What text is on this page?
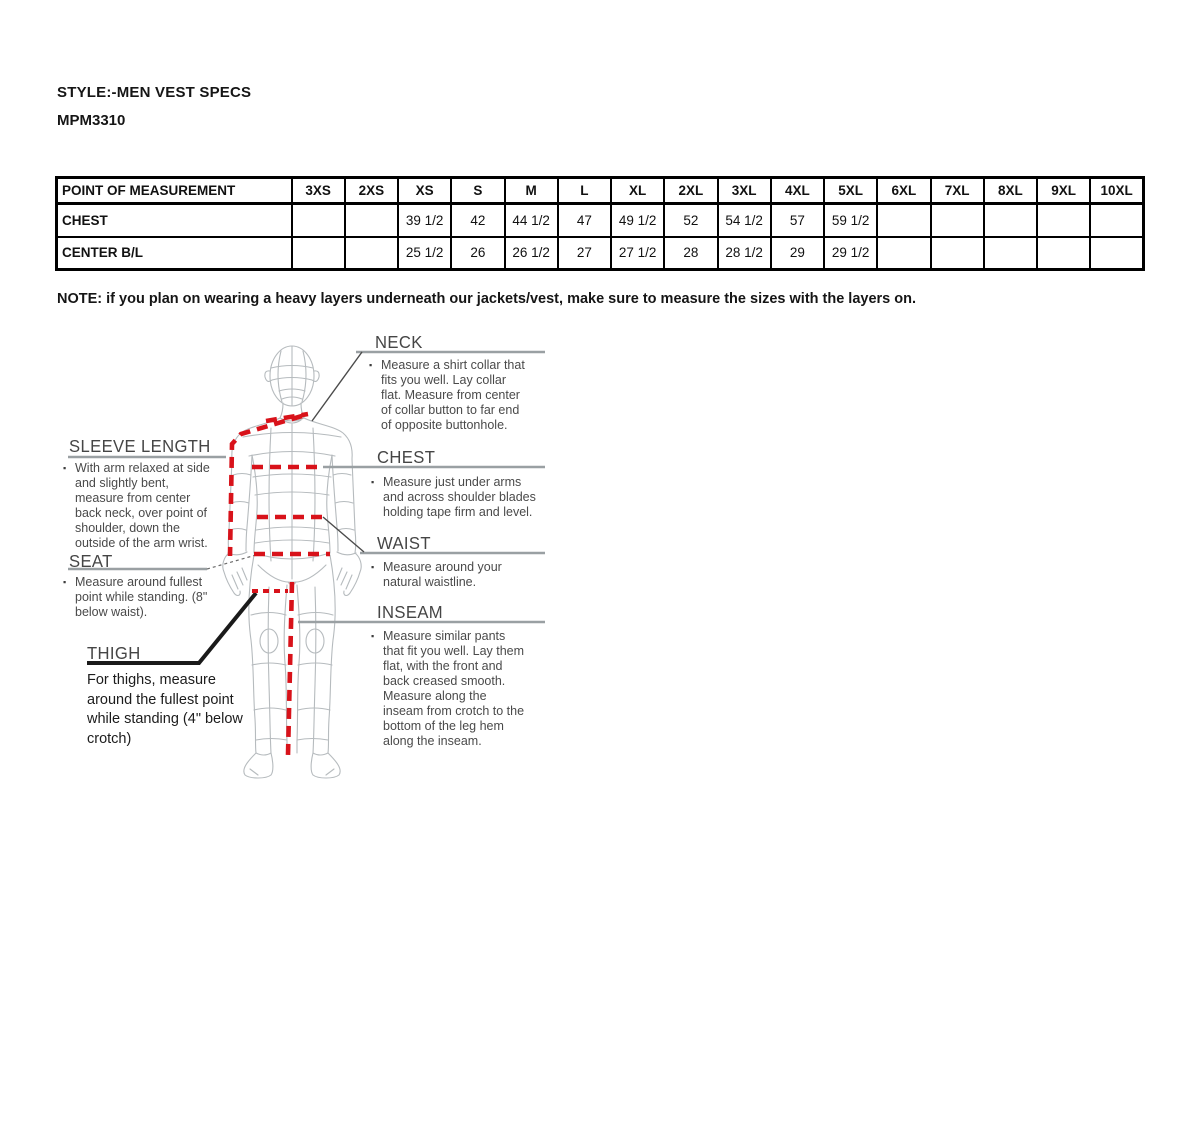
STYLE:-MEN VEST SPECS
MPM3310
POINT OF MEASUREMENT	3XS	2XS	XS	S	M	L	XL	2XL	3XL	4XL	5XL	6XL	7XL	8XL	9XL	10XL
CHEST			39 1/2	42	44 1/2	47	49 1/2	52	54 1/2	57	59 1/2					
CENTER B/L			25 1/2	26	26 1/2	27	27 1/2	28	28 1/2	29	29 1/2					
NOTE: if you plan on wearing a heavy layers underneath our jackets/vest, make sure to measure the sizes with the layers on.
SLEEVE LENGTH
▪ With arm relaxed at side and slightly bent, measure from center back neck, over point of shoulder, down the outside of the arm wrist.
SEAT
▪ Measure around fullest point while standing. (8" below waist).
THIGH
For thighs, measure around the fullest point while standing (4" below crotch)
NECK
▪ Measure a shirt collar that fits you well. Lay collar flat. Measure from center of collar button to far end of opposite buttonhole.
CHEST
▪ Measure just under arms and across shoulder blades holding tape firm and level.
WAIST
▪ Measure around your natural waistline.
INSEAM
▪ Measure similar pants that fit you well. Lay them flat, with the front and back creased smooth. Measure along the inseam from crotch to the bottom of the leg hem along the inseam.
